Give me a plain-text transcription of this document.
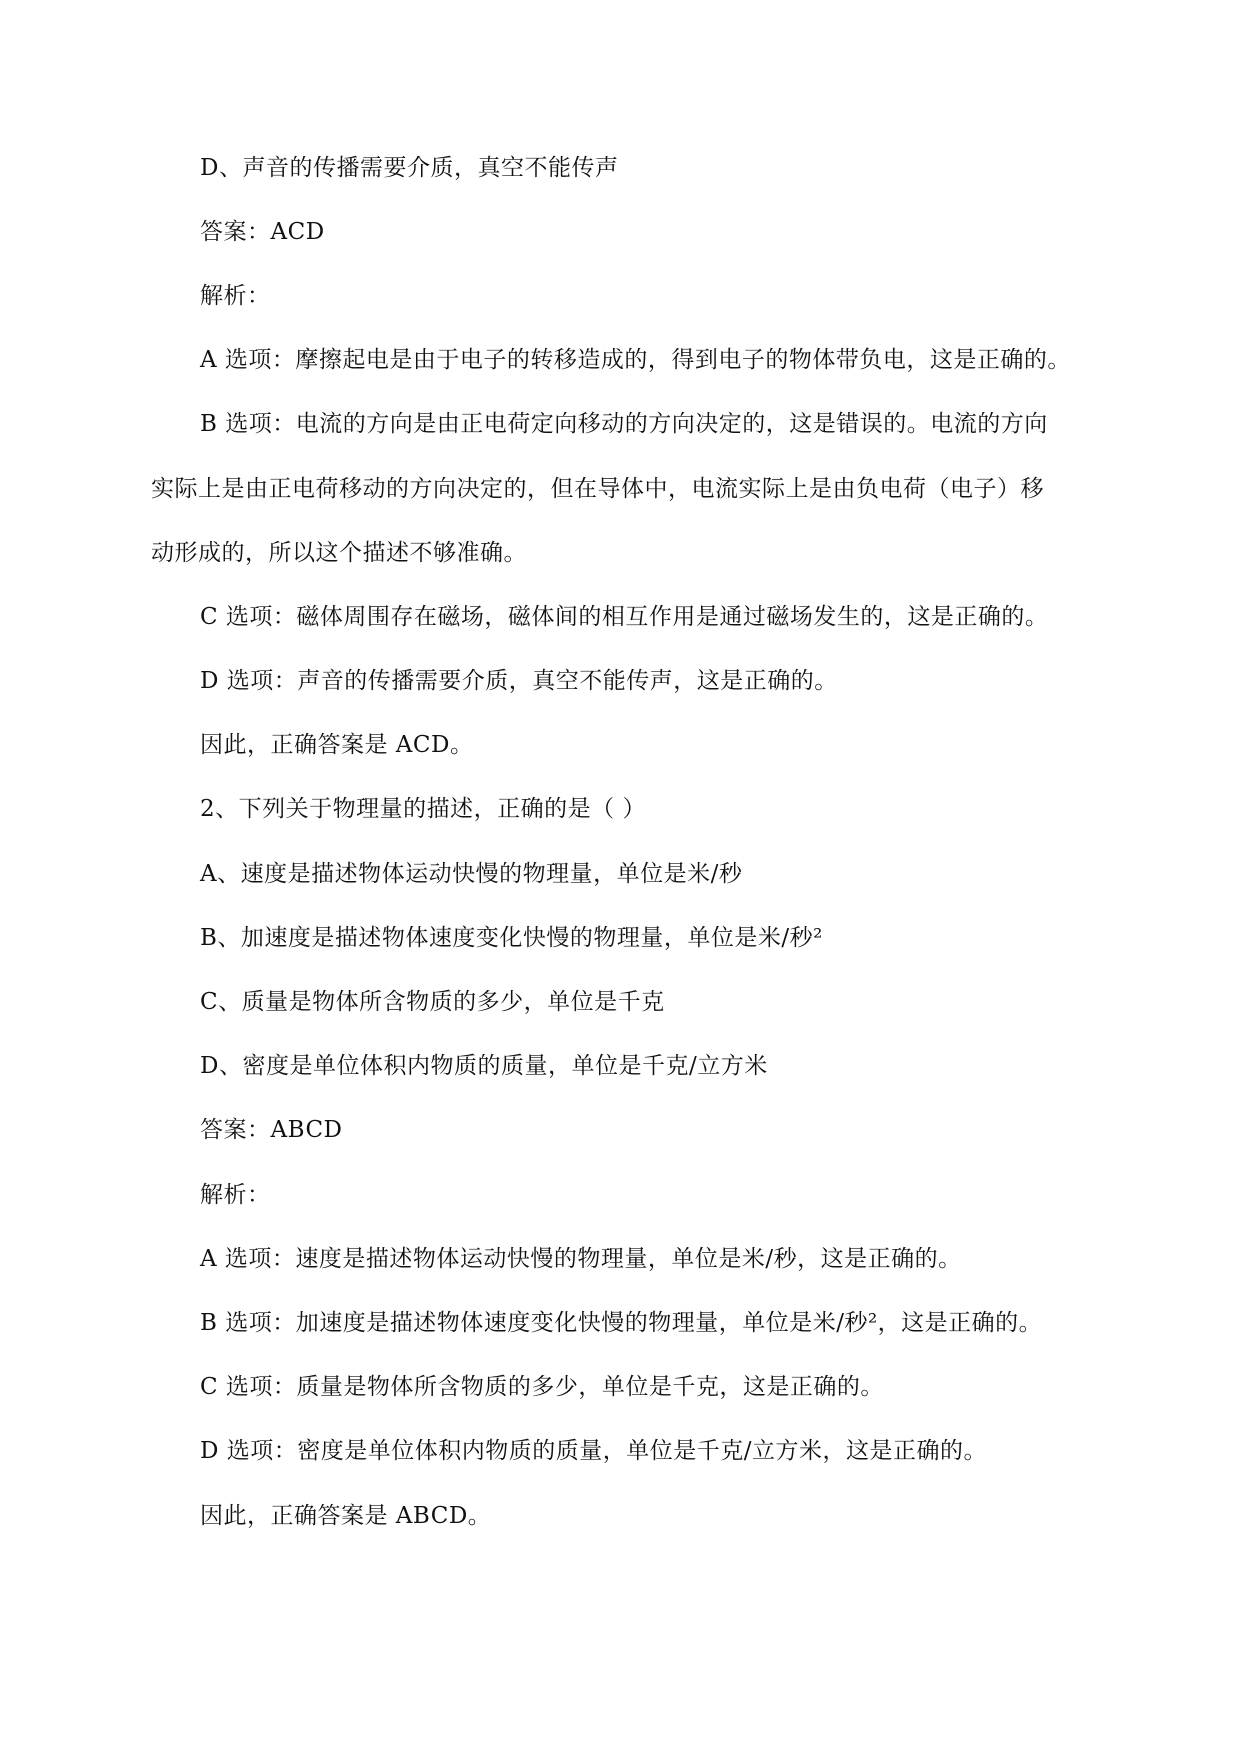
D、声音的传播需要介质，真空不能传声
答案：ACD
解析：
A 选项：摩擦起电是由于电子的转移造成的，得到电子的物体带负电，这是正确的。
B 选项：电流的方向是由正电荷定向移动的方向决定的，这是错误的。电流的方向
实际上是由正电荷移动的方向决定的，但在导体中，电流实际上是由负电荷（电子）移
动形成的，所以这个描述不够准确。
C 选项：磁体周围存在磁场，磁体间的相互作用是通过磁场发生的，这是正确的。
D 选项：声音的传播需要介质，真空不能传声，这是正确的。
因此，正确答案是 ACD。
2、下列关于物理量的描述，正确的是（ ）
A、速度是描述物体运动快慢的物理量，单位是米/秒
B、加速度是描述物体速度变化快慢的物理量，单位是米/秒²
C、质量是物体所含物质的多少，单位是千克
D、密度是单位体积内物质的质量，单位是千克/立方米
答案：ABCD
解析：
A 选项：速度是描述物体运动快慢的物理量，单位是米/秒，这是正确的。
B 选项：加速度是描述物体速度变化快慢的物理量，单位是米/秒²，这是正确的。
C 选项：质量是物体所含物质的多少，单位是千克，这是正确的。
D 选项：密度是单位体积内物质的质量，单位是千克/立方米，这是正确的。
因此，正确答案是 ABCD。
